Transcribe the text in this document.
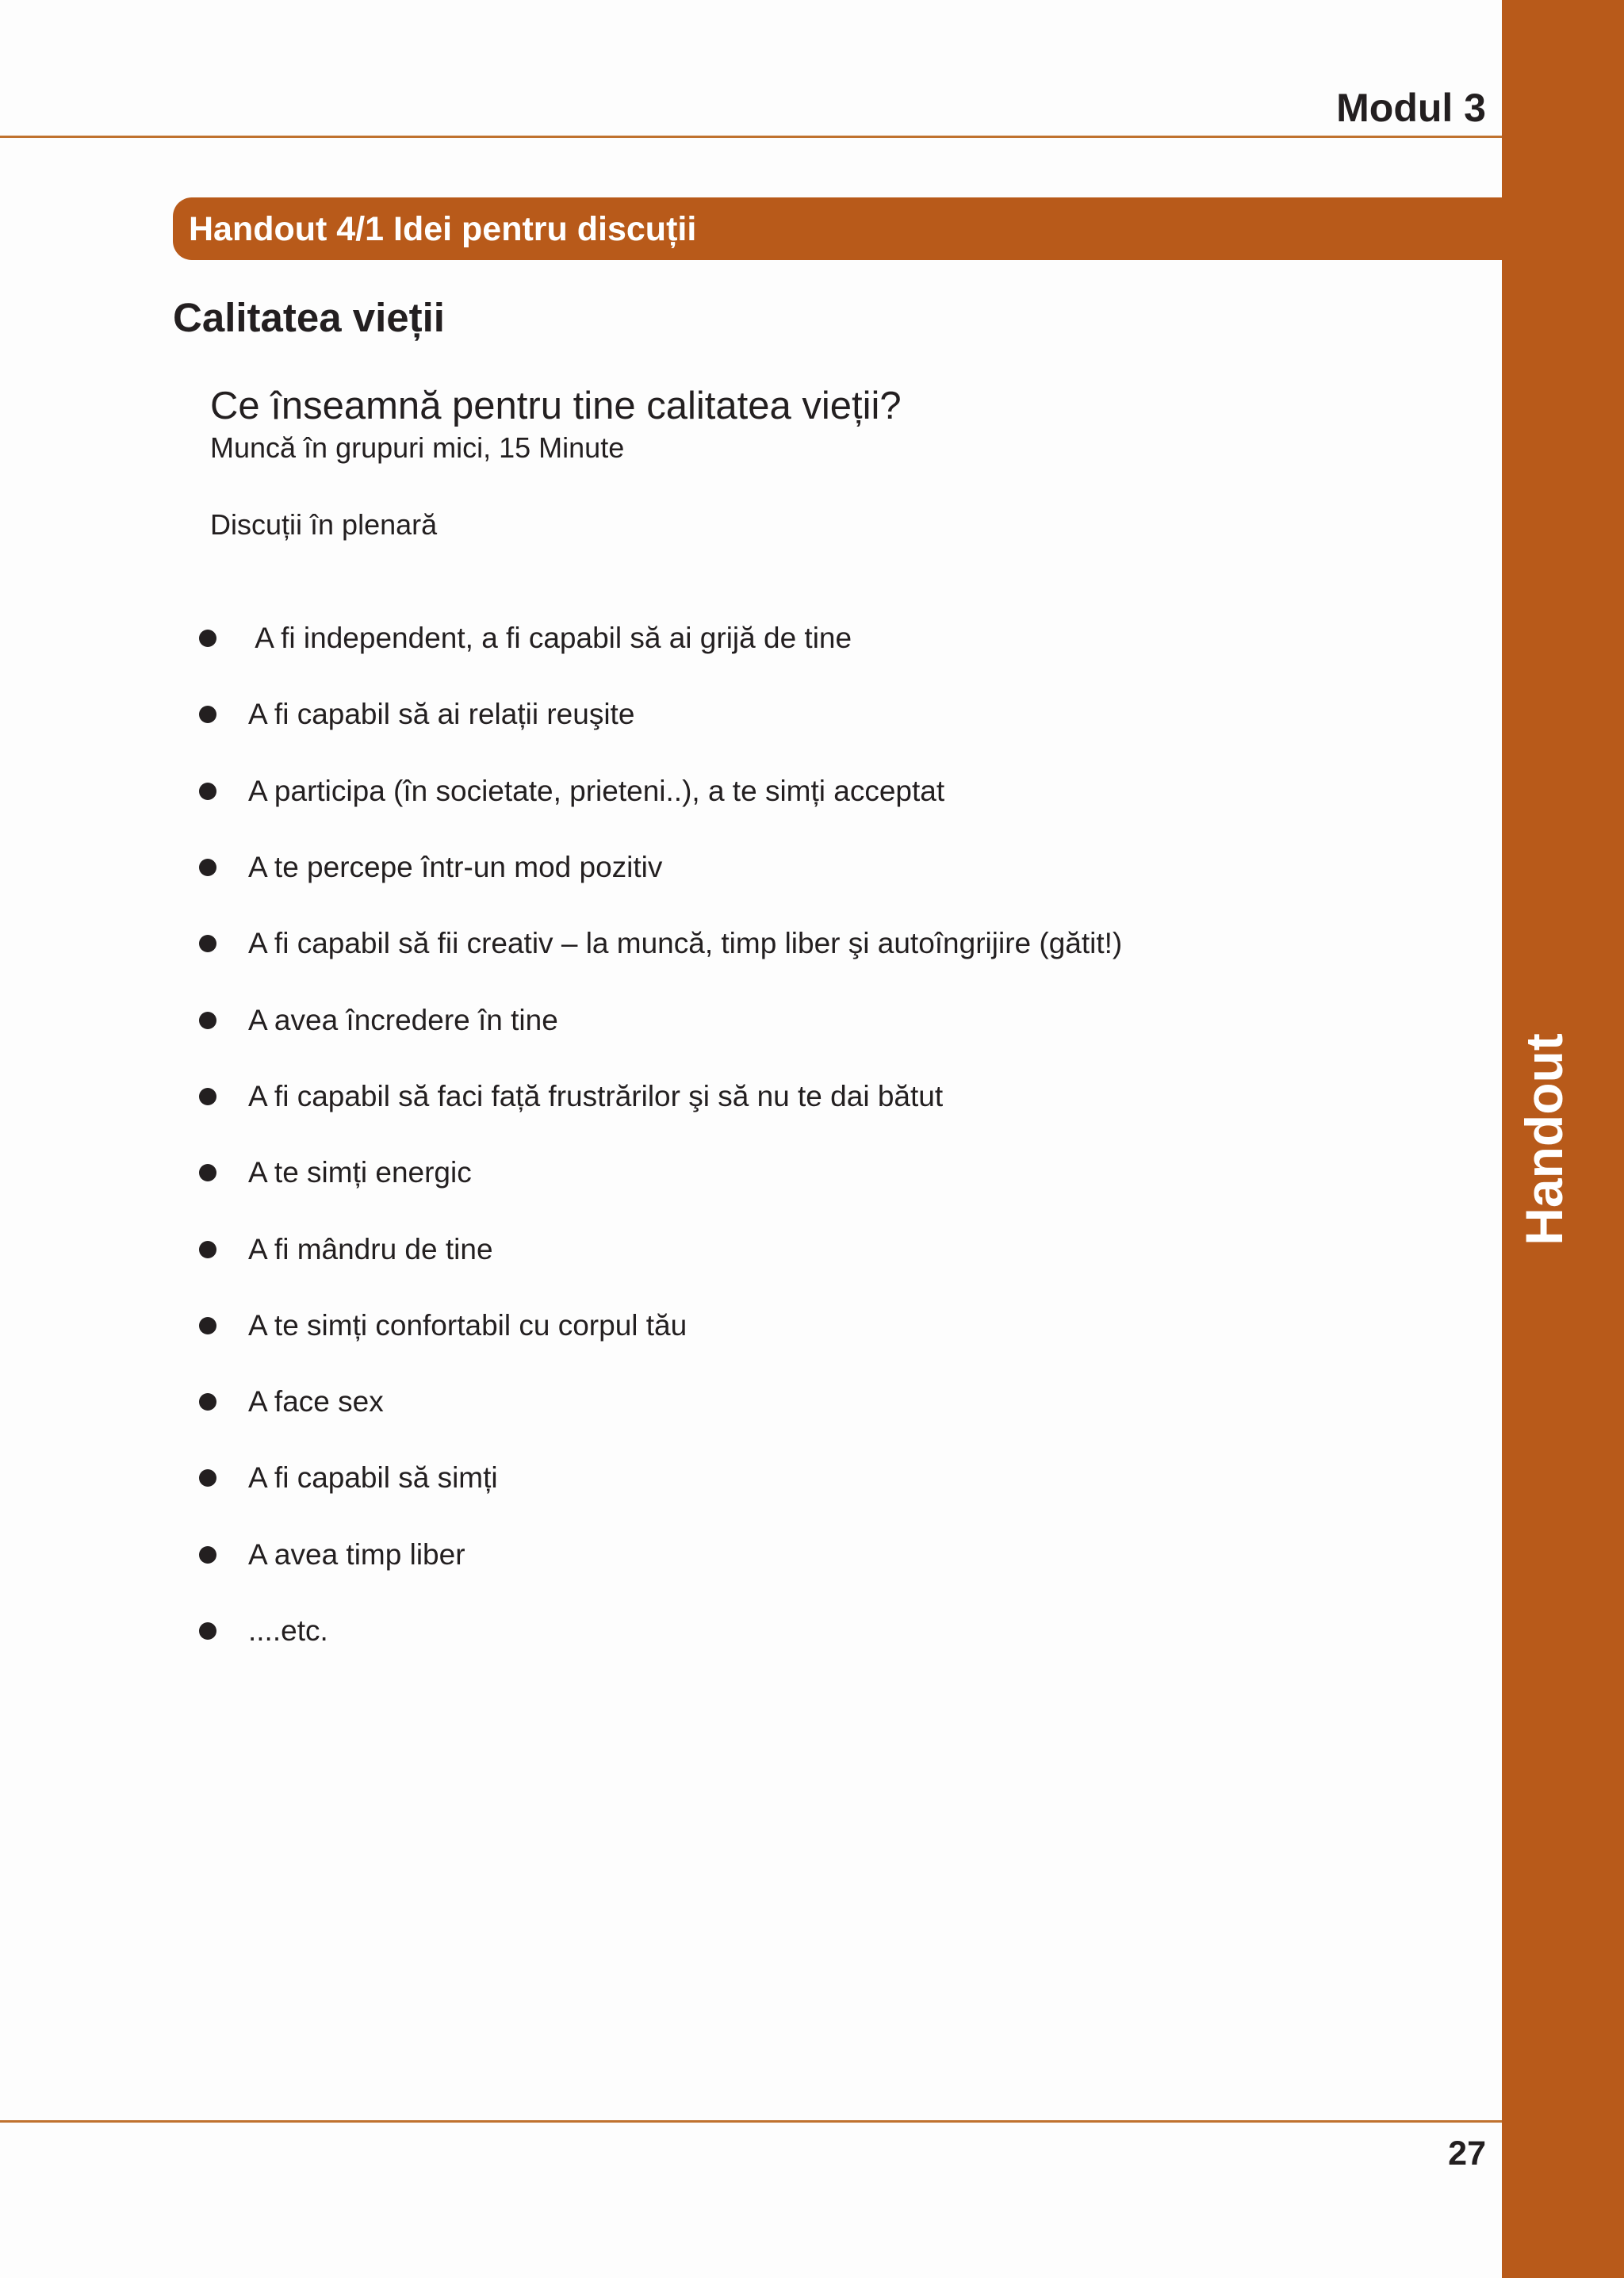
Handout
Modul 3
Handout 4/1 Idei pentru discuții
Calitatea vieții
Ce înseamnă pentru tine calitatea vieții?
Muncă în grupuri mici, 15 Minute
Discuții în plenară
A fi independent, a fi capabil să ai grijă de tine
A fi capabil să ai relații reuşite
A participa (în societate, prieteni..), a te simți acceptat
A te percepe într-un mod pozitiv
A fi capabil să fii creativ – la muncă, timp liber şi autoîngrijire (gătit!)
A avea încredere în tine
A fi capabil să faci față frustrărilor şi să nu te dai bătut
A te simți energic
A fi mândru de tine
A te simți confortabil cu corpul tău
A face sex
A fi capabil să simți
A avea timp liber
....etc.
27
